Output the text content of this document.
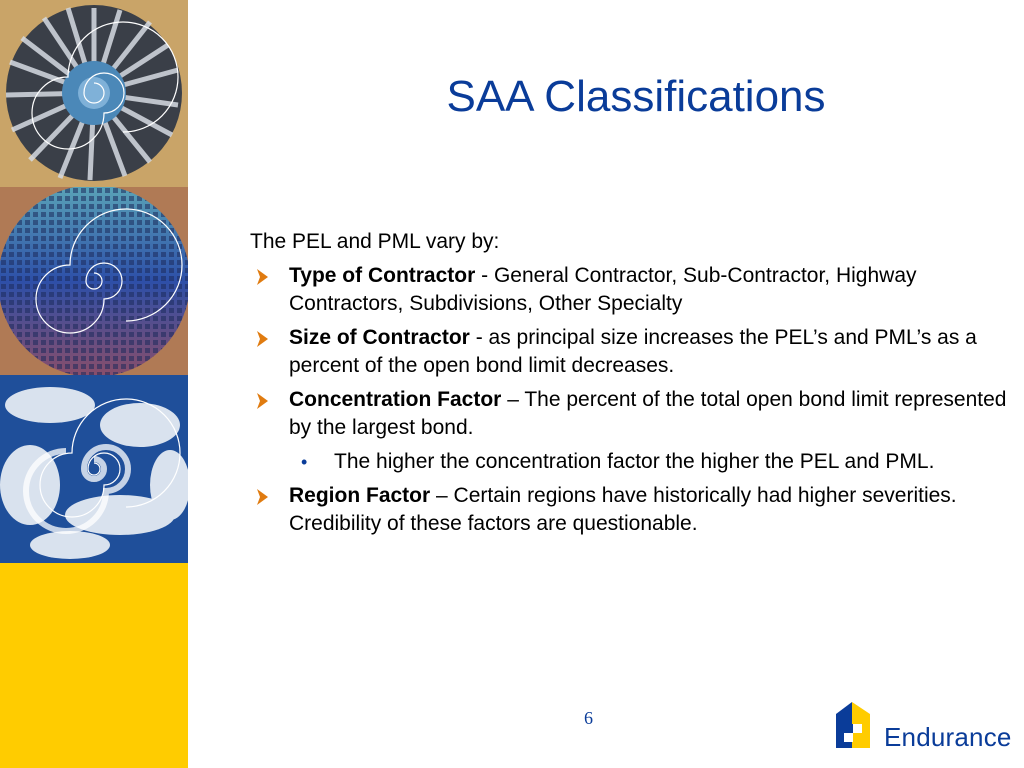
SAA Classifications
The PEL and PML vary by:
Type of Contractor - General Contractor, Sub-Contractor, Highway Contractors, Subdivisions, Other Specialty
Size of Contractor - as principal size increases the PEL’s and PML’s as a percent of the open bond limit decreases.
Concentration Factor – The percent of the total open bond limit represented by the largest bond.
• The higher the concentration factor the higher the PEL and PML.
Region Factor – Certain regions have historically had higher severities. Credibility of these factors are questionable.
6
Endurance
